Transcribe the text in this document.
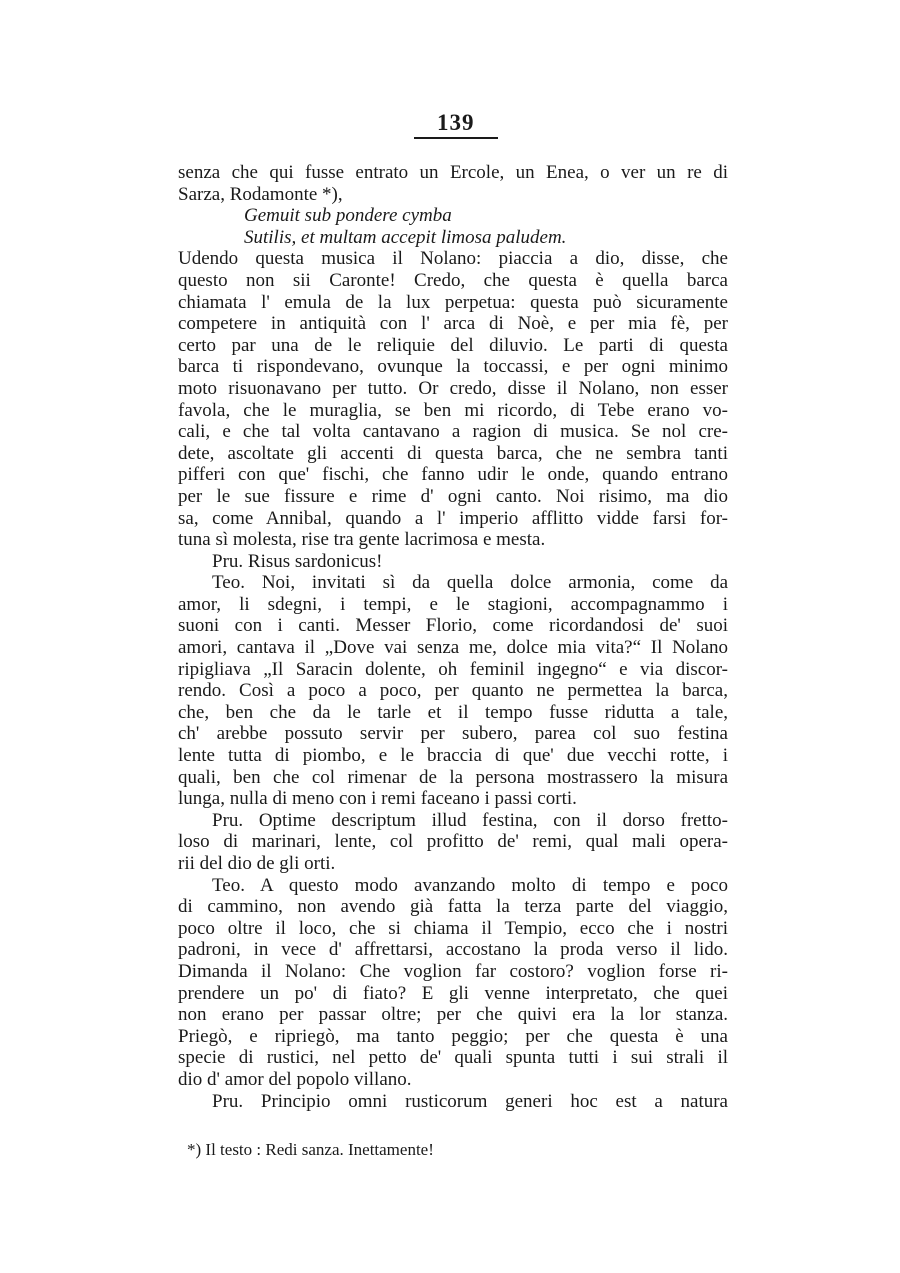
139
senza che qui fusse entrato un Ercole, un Enea, o ver un re di
Sarza, Rodamonte *),
Gemuit sub pondere cymba
Sutilis, et multam accepit limosa paludem.
Udendo questa musica il Nolano: piaccia a dio, disse, che
questo non sii Caronte! Credo, che questa è quella barca
chiamata l' emula de la lux perpetua: questa può sicuramente
competere in antiquità con l' arca di Noè, e per mia fè, per
certo par una de le reliquie del diluvio. Le parti di questa
barca ti rispondevano, ovunque la toccassi, e per ogni minimo
moto risuonavano per tutto. Or credo, disse il Nolano, non esser
favola, che le muraglia, se ben mi ricordo, di Tebe erano vo-
cali, e che tal volta cantavano a ragion di musica. Se nol cre-
dete, ascoltate gli accenti di questa barca, che ne sembra tanti
pifferi con que' fischi, che fanno udir le onde, quando entrano
per le sue fissure e rime d' ogni canto. Noi risimo, ma dio
sa, come Annibal, quando a l' imperio afflitto vidde farsi for-
tuna sì molesta, rise tra gente lacrimosa e mesta.
Pru. Risus sardonicus!
Teo. Noi, invitati sì da quella dolce armonia, come da
amor, li sdegni, i tempi, e le stagioni, accompagnammo i
suoni con i canti. Messer Florio, come ricordandosi de' suoi
amori, cantava il „Dove vai senza me, dolce mia vita?“ Il Nolano
ripigliava „Il Saracin dolente, oh feminil ingegno“ e via discor-
rendo. Così a poco a poco, per quanto ne permettea la barca,
che, ben che da le tarle et il tempo fusse ridutta a tale,
ch' arebbe possuto servir per subero, parea col suo festina
lente tutta di piombo, e le braccia di que' due vecchi rotte, i
quali, ben che col rimenar de la persona mostrassero la misura
lunga, nulla di meno con i remi faceano i passi corti.
Pru. Optime descriptum illud festina, con il dorso fretto-
loso di marinari, lente, col profitto de' remi, qual mali opera-
rii del dio de gli orti.
Teo. A questo modo avanzando molto di tempo e poco
di cammino, non avendo già fatta la terza parte del viaggio,
poco oltre il loco, che si chiama il Tempio, ecco che i nostri
padroni, in vece d' affrettarsi, accostano la proda verso il lido.
Dimanda il Nolano: Che voglion far costoro? voglion forse ri-
prendere un po' di fiato? E gli venne interpretato, che quei
non erano per passar oltre; per che quivi era la lor stanza.
Priegò, e ripriegò, ma tanto peggio; per che questa è una
specie di rustici, nel petto de' quali spunta tutti i sui strali il
dio d' amor del popolo villano.
Pru. Principio omni rusticorum generi hoc est a natura
*) Il testo : Redi sanza. Inettamente!
